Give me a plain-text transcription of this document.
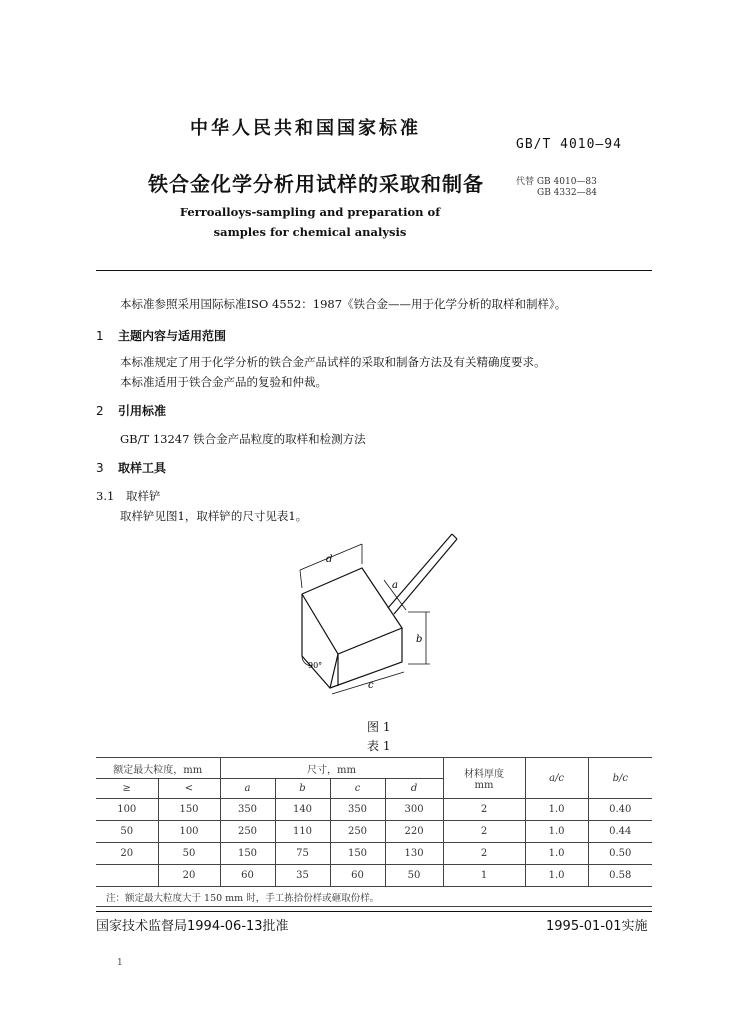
中华人民共和国国家标准
GB/T 4010—94
铁合金化学分析用试样的采取和制备	代替 GB 4010—83
GB 4332—84
Ferroalloys-sampling and preparation of
samples for chemical analysis
本标准参照采用国际标准ISO 4552：1987《铁合金——用于化学分析的取样和制样》。
1 主题内容与适用范围
本标准规定了用于化学分析的铁合金产品试样的采取和制备方法及有关精确度要求。
本标准适用于铁合金产品的复验和仲裁。
2 引用标准
GB/T 13247 铁合金产品粒度的取样和检测方法
3 取样工具
3.1 取样铲
取样铲见图1，取样铲的尺寸见表1。
d
a
b
c
90°
图 1
表 1
额定最大粒度，mm		尺寸，mm				材料厚度
mm	a/c	b/c
≥	<	a	b	c	d			
100	150	350	140	350	300	2	1.0	0.40
50	100	250	110	250	220	2	1.0	0.44
20	50	150	75	150	130	2	1.0	0.50
	20	60	35	60	50	1	1.0	0.58
注：额定最大粒度大于 150 mm 时，手工拣拾份样或砸取份样。								
国家技术监督局1994-06-13批准	1995-01-01实施
1
